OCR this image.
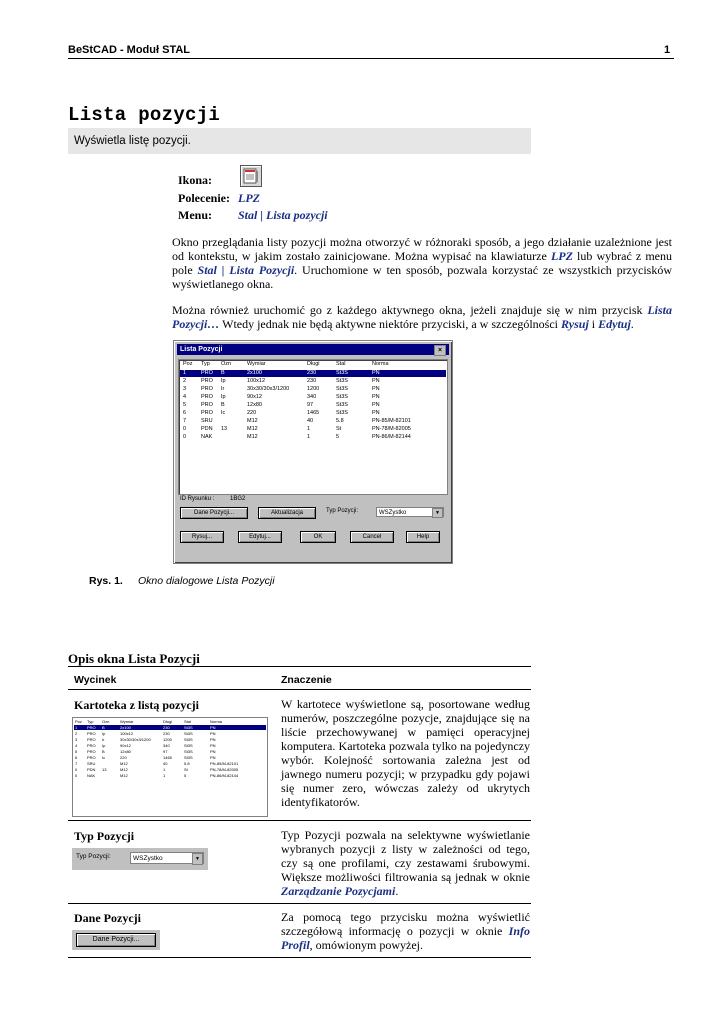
BeStCAD - Moduł STAL	1
Lista pozycji
Wyświetla listę pozycji.
Ikona:
Polecenie: LPZ
Menu: Stal | Lista pozycji
Okno przeglądania listy pozycji można otworzyć w różnoraki sposób, a jego działanie uzależnione jest od kontekstu, w jakim zostało zainicjowane. Można wypisać na klawiaturze LPZ lub wybrać z menu pole Stal | Lista Pozycji. Uruchomione w ten sposób, pozwala korzystać ze wszystkich przycisków wyświetlanego okna.
Można również uruchomić go z każdego aktywnego okna, jeżeli znajduje się w nim przycisk Lista Pozycji… Wtedy jednak nie będą aktywne niektóre przyciski, a w szczególności Rysuj i Edytuj.
Lista Pozycji	×
Poz Typ Ozn	Wymiar	Długi	Stal	Norma
1	PRO B	2x100	230	St3S	PN
2	PRO Ip	100x12	230	St3S	PN
3	PRO Ir	30x30/30x3/1200	1200	St3S	PN
4	PRO Ip	90x12	340	St3S	PN
5	PRO B	12x80	97	St3S	PN
6	PRO Ic	220	1465	St3S	PN
7	SRU	M12	40	5.8	PN-85/M-82101
0	PDN 13	M12	1	St	PN-78/M-82005
0	NAK	M12	1	5	PN-86/M-82144
ID Rysunku :	1BG2
Dane Pozycji...	Aktualizacja	Typ Pozycji:	WSZystko	▼
Rysuj...	Edytuj...	OK	Cancel	Help
Rys. 1. Okno dialogowe Lista Pozycji
Opis okna Lista Pozycji
Wycinek	Znaczenie
Kartoteka z listą pozycji
Poz Typ Ozn	Wymiar	Długi	Stal	Norma
1 PRO B	2x100	230	St3S	PN
2 PRO Ip	100x12	230	St3S	PN
3 PRO Ir	30x30/30x3/1200	1200	St3S	PN
4 PRO Ip	90x12	340	St3S	PN
5 PRO B	12x80	97	St3S	PN
6 PRO Ic	220	1465	St3S	PN
7 SRU	M12	40	5.8	PN-85/M-82101
0 PDN 13	M12	1	St	PN-78/M-82005
0 NAK	M12	1	5	PN-86/M-82144
W kartotece wyświetlone są, posortowane według numerów, poszczególne pozycje, znajdujące się na liście przechowywanej w pamięci operacyjnej komputera. Kartoteka pozwala tylko na pojedynczy wybór. Kolejność sortowania zależna jest od jawnego numeru pozycji; w przypadku gdy pojawi się numer zero, wówczas zależy od ukrytych identyfikatorów.
Typ Pozycji
Typ Pozycji:	WSZystko	▼
Typ Pozycji pozwala na selektywne wyświetlanie wybranych pozycji z listy w zależności od tego, czy są one profilami, czy zestawami śrubowymi. Większe możliwości filtrowania są jednak w oknie Zarządzanie Pozycjami.
Dane Pozycji
Dane Pozycji...
Za pomocą tego przycisku można wyświetlić szczegółową informację o pozycji w oknie Info Profil, omówionym powyżej.
